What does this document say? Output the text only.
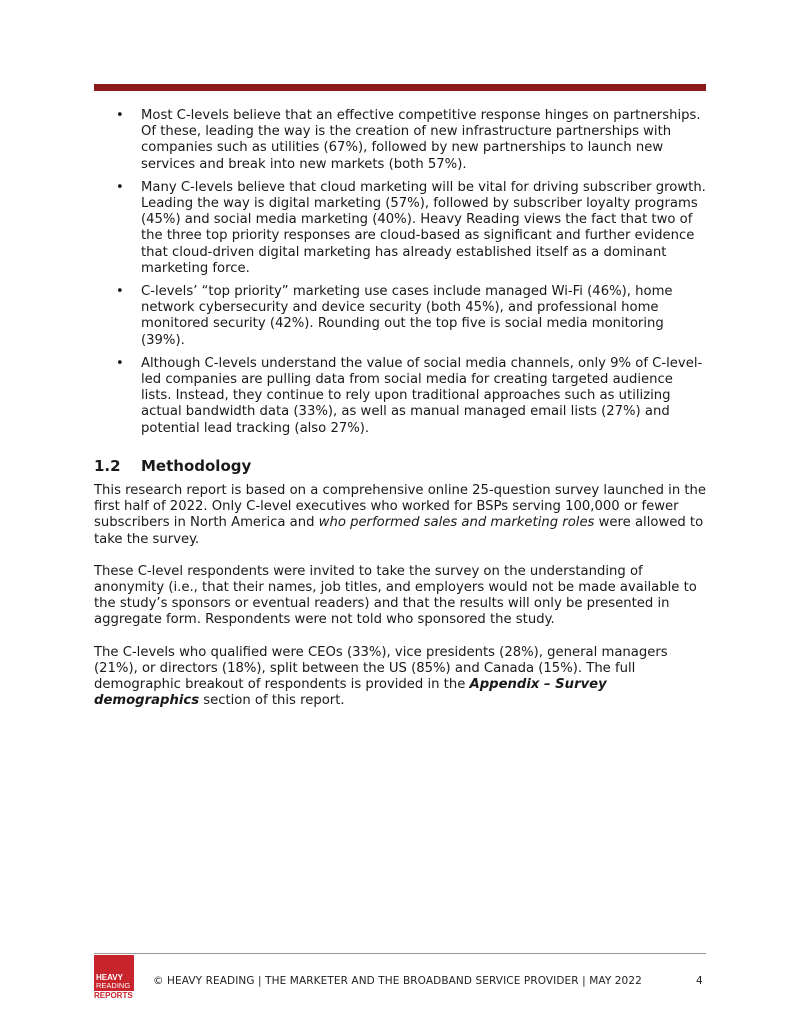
• Most C-levels believe that an effective competitive response hinges on partnerships. Of these, leading the way is the creation of new infrastructure partnerships with companies such as utilities (67%), followed by new partnerships to launch new services and break into new markets (both 57%).
• Many C-levels believe that cloud marketing will be vital for driving subscriber growth. Leading the way is digital marketing (57%), followed by subscriber loyalty programs (45%) and social media marketing (40%). Heavy Reading views the fact that two of the three top priority responses are cloud-based as significant and further evidence that cloud-driven digital marketing has already established itself as a dominant marketing force.
• C-levels’ “top priority” marketing use cases include managed Wi-Fi (46%), home network cybersecurity and device security (both 45%), and professional home monitored security (42%). Rounding out the top five is social media monitoring (39%).
• Although C-levels understand the value of social media channels, only 9% of C-level-led companies are pulling data from social media for creating targeted audience lists. Instead, they continue to rely upon traditional approaches such as utilizing actual bandwidth data (33%), as well as manual managed email lists (27%) and potential lead tracking (also 27%).
1.2 Methodology

This research report is based on a comprehensive online 25-question survey launched in the first half of 2022. Only C-level executives who worked for BSPs serving 100,000 or fewer subscribers in North America and who performed sales and marketing roles were allowed to take the survey.

These C-level respondents were invited to take the survey on the understanding of anonymity (i.e., that their names, job titles, and employers would not be made available to the study’s sponsors or eventual readers) and that the results will only be presented in aggregate form. Respondents were not told who sponsored the study.

The C-levels who qualified were CEOs (33%), vice presidents (28%), general managers (21%), or directors (18%), split between the US (85%) and Canada (15%). The full demographic breakout of respondents is provided in the Appendix – Survey demographics section of this report.

HEAVY
READING
REPORTS
© HEAVY READING | THE MARKETER AND THE BROADBAND SERVICE PROVIDER | MAY 2022	4
